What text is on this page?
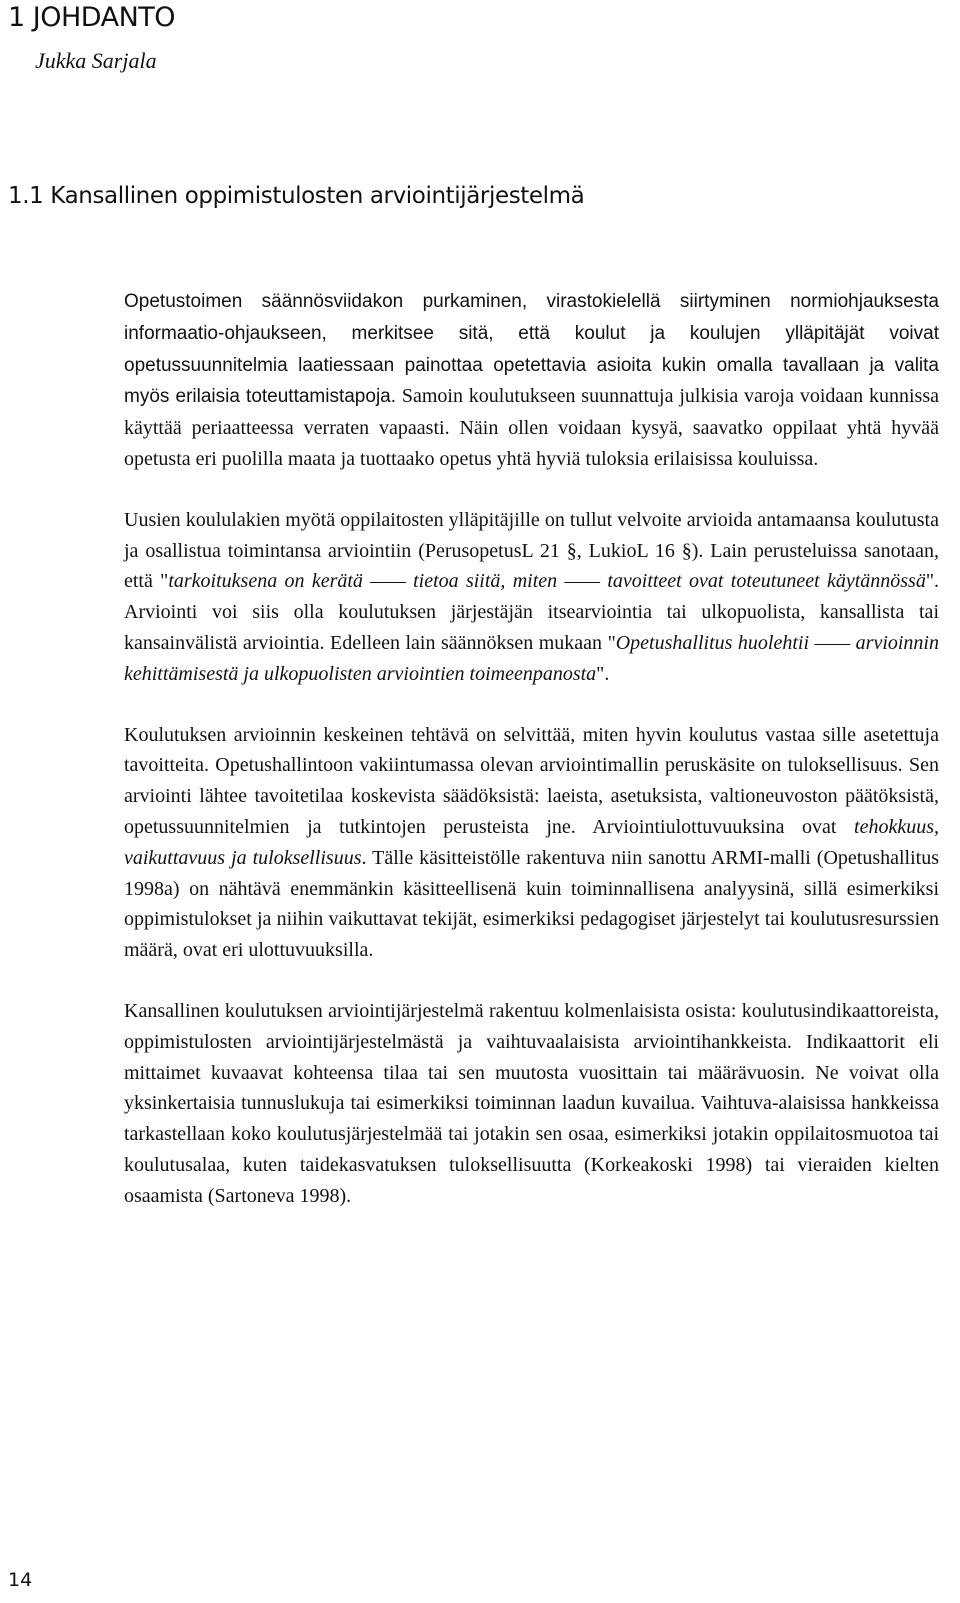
1 JOHDANTO

Jukka Sarjala

1.1 Kansallinen oppimistulosten arviointijärjestelmä

Opetustoimen säännösviidakon purkaminen, virastokielellä siirtyminen normiohjauksesta informaatio-ohjaukseen, merkitsee sitä, että koulut ja koulujen ylläpitäjät voivat opetussuunnitelmia laatiessaan painottaa opetettavia asioita kukin omalla tavallaan ja valita myös erilaisia toteuttamistapoja. Samoin koulutukseen suunnattuja julkisia varoja voidaan kunnissa käyttää periaatteessa verraten vapaasti. Näin ollen voidaan kysyä, saavatko oppilaat yhtä hyvää opetusta eri puolilla maata ja tuottaako opetus yhtä hyviä tuloksia erilaisissa kouluissa.

Uusien koululakien myötä oppilaitosten ylläpitäjille on tullut velvoite arvioida antamaansa koulutusta ja osallistua toimintansa arviointiin (PerusopetusL 21 §, LukioL 16 §). Lain perusteluissa sanotaan, että "tarkoituksena on kerätä —— tietoa siitä, miten —— tavoitteet ovat toteutuneet käytännössä". Arviointi voi siis olla koulutuksen järjestäjän itsearviointia tai ulkopuolista, kansallista tai kansainvälistä arviointia. Edelleen lain säännöksen mukaan "Opetushallitus huolehtii —— arvioinnin kehittämisestä ja ulkopuolisten arviointien toimeenpanosta".

Koulutuksen arvioinnin keskeinen tehtävä on selvittää, miten hyvin koulutus vastaa sille asetettuja tavoitteita. Opetushallintoon vakiintumassa olevan arviointimallin peruskäsite on tuloksellisuus. Sen arviointi lähtee tavoitetilaa koskevista säädöksistä: laeista, asetuksista, valtioneuvoston päätöksistä, opetussuunnitelmien ja tutkintojen perusteista jne. Arviointiulottuvuuksina ovat tehokkuus, vaikuttavuus ja tuloksellisuus. Tälle käsitteistölle rakentuva niin sanottu ARMI-malli (Opetushallitus 1998a) on nähtävä enemmänkin käsitteellisenä kuin toiminnallisena analyysinä, sillä esimerkiksi oppimistulokset ja niihin vaikuttavat tekijät, esimerkiksi pedagogiset järjestelyt tai koulutusresurssien määrä, ovat eri ulottuvuuksilla.

Kansallinen koulutuksen arviointijärjestelmä rakentuu kolmenlaisista osista: koulutusindikaattoreista, oppimistulosten arviointijärjestelmästä ja vaihtuvaalaisista arviointihankkeista. Indikaattorit eli mittaimet kuvaavat kohteensa tilaa tai sen muutosta vuosittain tai määrävuosin. Ne voivat olla yksinkertaisia tunnuslukuja tai esimerkiksi toiminnan laadun kuvailua. Vaihtuva-alaisissa hankkeissa tarkastellaan koko koulutusjärjestelmää tai jotakin sen osaa, esimerkiksi jotakin oppilaitosmuotoa tai koulutusalaa, kuten taidekasvatuksen tuloksellisuutta (Korkeakoski 1998) tai vieraiden kielten osaamista (Sartoneva 1998).

14
